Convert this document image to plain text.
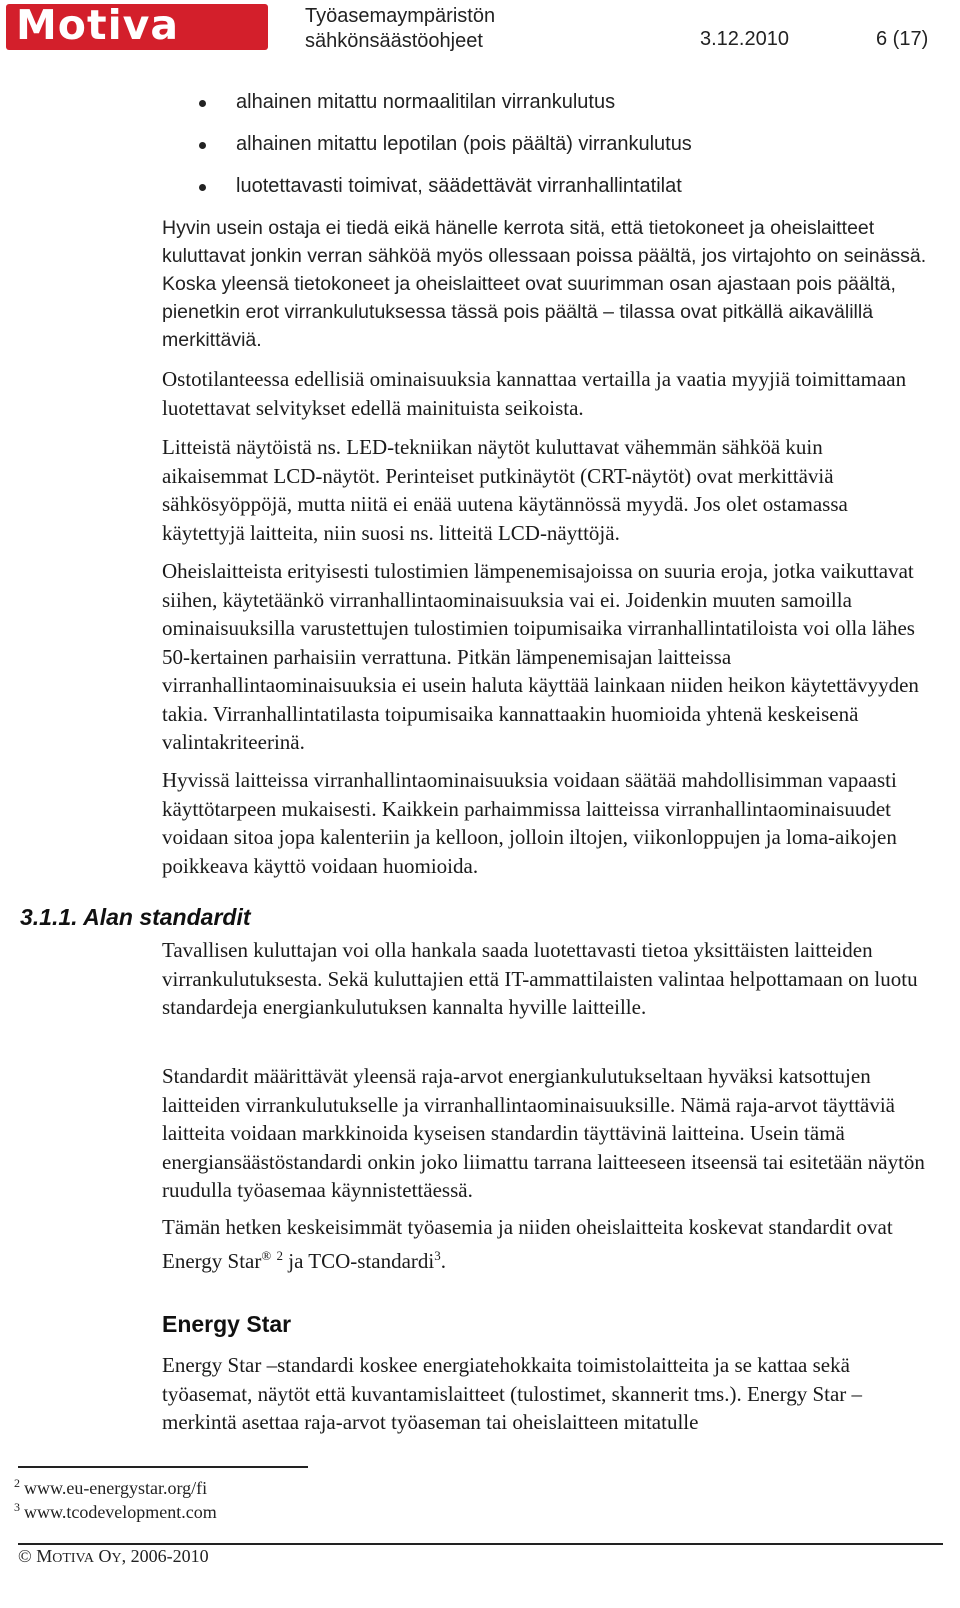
Motiva	Työasemaympäristön
sähkönsäästöohjeet	3.12.2010	6 (17)
alhainen mitattu normaalitilan virrankulutus
alhainen mitattu lepotilan (pois päältä) virrankulutus
luotettavasti toimivat, säädettävät virranhallintatilat

Hyvin usein ostaja ei tiedä eikä hänelle kerrota sitä, että tietokoneet ja oheislaitteet kuluttavat jonkin verran sähköä myös ollessaan poissa päältä, jos virtajohto on seinässä. Koska yleensä tietokoneet ja oheislaitteet ovat suurimman osan ajastaan pois päältä, pienetkin erot virrankulutuksessa tässä pois päältä – tilassa ovat pitkällä aikavälillä merkittäviä.

Ostotilanteessa edellisiä ominaisuuksia kannattaa vertailla ja vaatia myyjiä toimittamaan luotettavat selvitykset edellä mainituista seikoista.

Litteistä näytöistä ns. LED-tekniikan näytöt kuluttavat vähemmän sähköä kuin aikaisemmat LCD-näytöt. Perinteiset putkinäytöt (CRT-näytöt) ovat merkittäviä sähkösyöppöjä, mutta niitä ei enää uutena käytännössä myydä. Jos olet ostamassa käytettyjä laitteita, niin suosi ns. litteitä LCD-näyttöjä.

Oheislaitteista erityisesti tulostimien lämpenemisajoissa on suuria eroja, jotka vaikuttavat siihen, käytetäänkö virranhallintaominaisuuksia vai ei. Joidenkin muuten samoilla ominaisuuksilla varustettujen tulostimien toipumisaika virranhallintatiloista voi olla lähes 50-kertainen parhaisiin verrattuna. Pitkän lämpenemisajan laitteissa virranhallintaominaisuuksia ei usein haluta käyttää lainkaan niiden heikon käytettävyyden takia. Virranhallintatilasta toipumisaika kannattaakin huomioida yhtenä keskeisenä valintakriteerinä.

Hyvissä laitteissa virranhallintaominaisuuksia voidaan säätää mahdollisimman vapaasti käyttötarpeen mukaisesti. Kaikkein parhaimmissa laitteissa virranhallintaominaisuudet voidaan sitoa jopa kalenteriin ja kelloon, jolloin iltojen, viikonloppujen ja loma-aikojen poikkeava käyttö voidaan huomioida.

3.1.1. Alan standardit

Tavallisen kuluttajan voi olla hankala saada luotettavasti tietoa yksittäisten laitteiden virrankulutuksesta. Sekä kuluttajien että IT-ammattilaisten valintaa helpottamaan on luotu standardeja energiankulutuksen kannalta hyville laitteille.

Standardit määrittävät yleensä raja-arvot energiankulutukseltaan hyväksi katsottujen laitteiden virrankulutukselle ja virranhallintaominaisuuksille. Nämä raja-arvot täyttäviä laitteita voidaan markkinoida kyseisen standardin täyttävinä laitteina. Usein tämä energiansäästöstandardi onkin joko liimattu tarrana laitteeseen itseensä tai esitetään näytön ruudulla työasemaa käynnistettäessä.

Tämän hetken keskeisimmät työasemia ja niiden oheislaitteita koskevat standardit ovat Energy Star® $^2$ ja TCO-standardi$^3$.

Energy Star

Energy Star –standardi koskee energiatehokkaita toimistolaitteita ja se kattaa sekä työasemat, näytöt että kuvantamislaitteet (tulostimet, skannerit tms.). Energy Star –merkintä asettaa raja-arvot työaseman tai oheislaitteen mitatulle

$^2$ www.eu-energystar.org/fi
$^3$ www.tcodevelopment.com
© MOTIVA OY, 2006-2010
